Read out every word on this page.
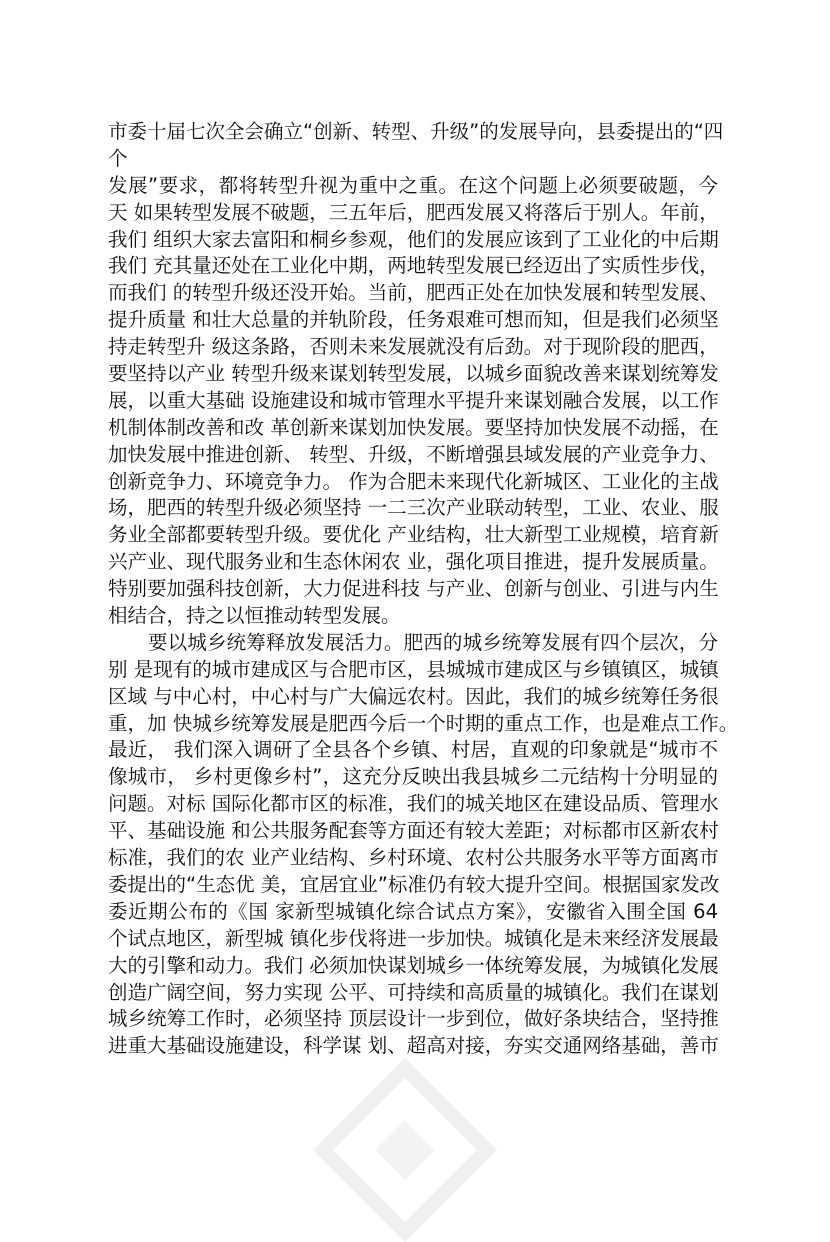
市委十届七次全会确立“创新、转型、升级”的发展导向，县委提出的“四
个
发展”要求，都将转型升视为重中之重。在这个问题上必须要破题，今
天 如果转型发展不破题，三五年后，肥西发展又将落后于别人。年前，
我们 组织大家去富阳和桐乡参观，他们的发展应该到了工业化的中后期
我们 充其量还处在工业化中期，两地转型发展已经迈出了实质性步伐，
而我们 的转型升级还没开始。当前，肥西正处在加快发展和转型发展、
提升质量 和壮大总量的并轨阶段，任务艰难可想而知，但是我们必须坚
持走转型升 级这条路，否则未来发展就没有后劲。对于现阶段的肥西，
要坚持以产业 转型升级来谋划转型发展，以城乡面貌改善来谋划统筹发
展，以重大基础 设施建设和城市管理水平提升来谋划融合发展，以工作
机制体制改善和改 革创新来谋划加快发展。要坚持加快发展不动摇，在
加快发展中推进创新、 转型、升级，不断增强县域发展的产业竞争力、
创新竞争力、环境竞争力。 作为合肥未来现代化新城区、工业化的主战
场，肥西的转型升级必须坚持 一二三次产业联动转型，工业、农业、服
务业全部都要转型升级。要优化 产业结构，壮大新型工业规模，培育新
兴产业、现代服务业和生态休闲农 业，强化项目推进，提升发展质量。
特别要加强科技创新，大力促进科技 与产业、创新与创业、引进与内生
相结合，持之以恒推动转型发展。
要以城乡统筹释放发展活力。肥西的城乡统筹发展有四个层次，分
别 是现有的城市建成区与合肥市区，县城城市建成区与乡镇镇区，城镇
区域 与中心村，中心村与广大偏远农村。因此，我们的城乡统筹任务很
重，加 快城乡统筹发展是肥西今后一个时期的重点工作，也是难点工作。
最近， 我们深入调研了全县各个乡镇、村居，直观的印象就是“城市不
像城市， 乡村更像乡村”，这充分反映出我县城乡二元结构十分明显的
问题。对标 国际化都市区的标准，我们的城关地区在建设品质、管理水
平、基础设施 和公共服务配套等方面还有较大差距；对标都市区新农村
标准，我们的农 业产业结构、乡村环境、农村公共服务水平等方面离市
委提出的“生态优 美，宜居宜业”标准仍有较大提升空间。根据国家发改
委近期公布的《国 家新型城镇化综合试点方案》，安徽省入围全国 64
个试点地区，新型城 镇化步伐将进一步加快。城镇化是未来经济发展最
大的引擎和动力。我们 必须加快谋划城乡一体统筹发展，为城镇化发展
创造广阔空间，努力实现 公平、可持续和高质量的城镇化。我们在谋划
城乡统筹工作时，必须坚持 顶层设计一步到位，做好条块结合，坚持推
进重大基础设施建设，科学谋 划、超高对接，夯实交通网络基础，善市
